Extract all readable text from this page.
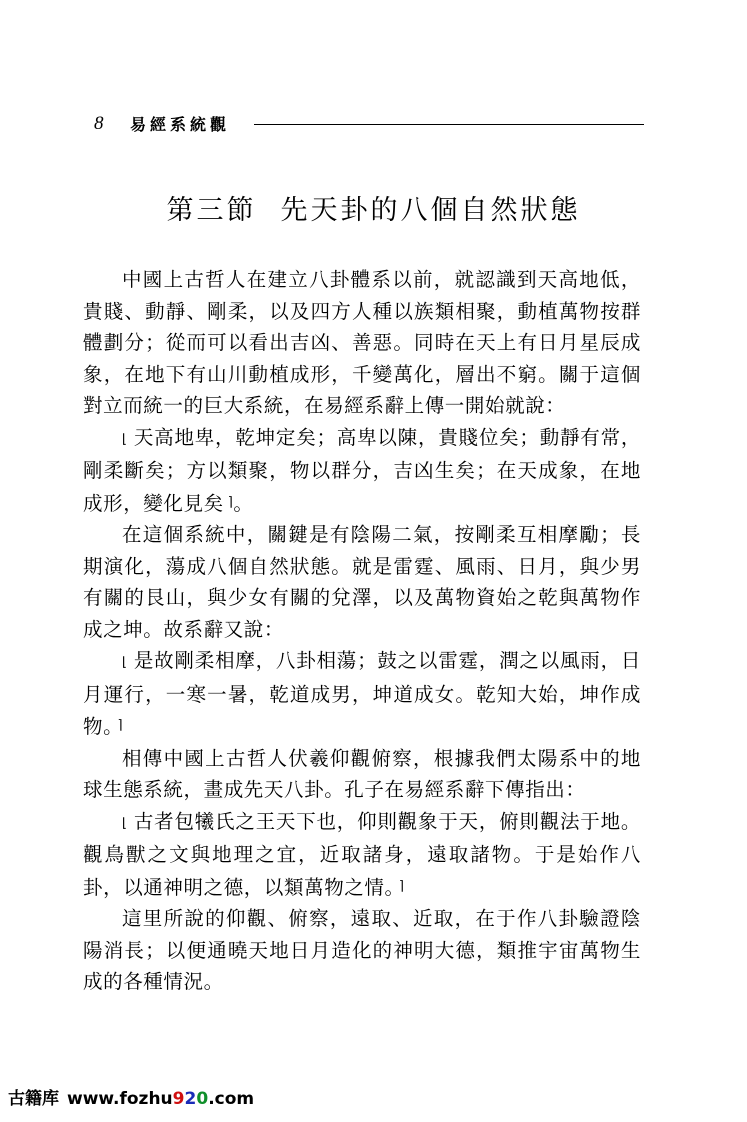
8 易經系統觀
第三節 先天卦的八個自然狀態

中國上古哲人在建立八卦體系以前，就認識到天高地低，貴賤、動靜、剛柔，以及四方人種以族類相聚，動植萬物按群體劃分；從而可以看出吉凶、善惡。同時在天上有日月星辰成象，在地下有山川動植成形，千變萬化，層出不窮。關于這個對立而統一的巨大系統，在易經系辭上傳一開始就說：

⌊ 天高地卑，乾坤定矣；高卑以陳，貴賤位矣；動靜有常，剛柔斷矣；方以類聚，物以群分，吉凶生矣；在天成象，在地成形，變化見矣 ⌉。

在這個系統中，關鍵是有陰陽二氣，按剛柔互相摩勵；長期演化，蕩成八個自然狀態。就是雷霆、風雨、日月，與少男有關的艮山，與少女有關的兌澤，以及萬物資始之乾與萬物作成之坤。故系辭又說：

⌊ 是故剛柔相摩，八卦相蕩；鼓之以雷霆，潤之以風雨，日月運行，一寒一暑，乾道成男，坤道成女。乾知大始，坤作成物。 ⌉

相傳中國上古哲人伏羲仰觀俯察，根據我們太陽系中的地球生態系統，畫成先天八卦。孔子在易經系辭下傳指出：

⌊ 古者包犧氏之王天下也，仰則觀象于天，俯則觀法于地。觀鳥獸之文與地理之宜，近取諸身，遠取諸物。于是始作八卦，以通神明之德，以類萬物之情。 ⌉

這里所說的仰觀、俯察，遠取、近取，在于作八卦驗證陰陽消長；以便通曉天地日月造化的神明大德，類推宇宙萬物生成的各種情況。

古籍库 www.fozhu920.com
